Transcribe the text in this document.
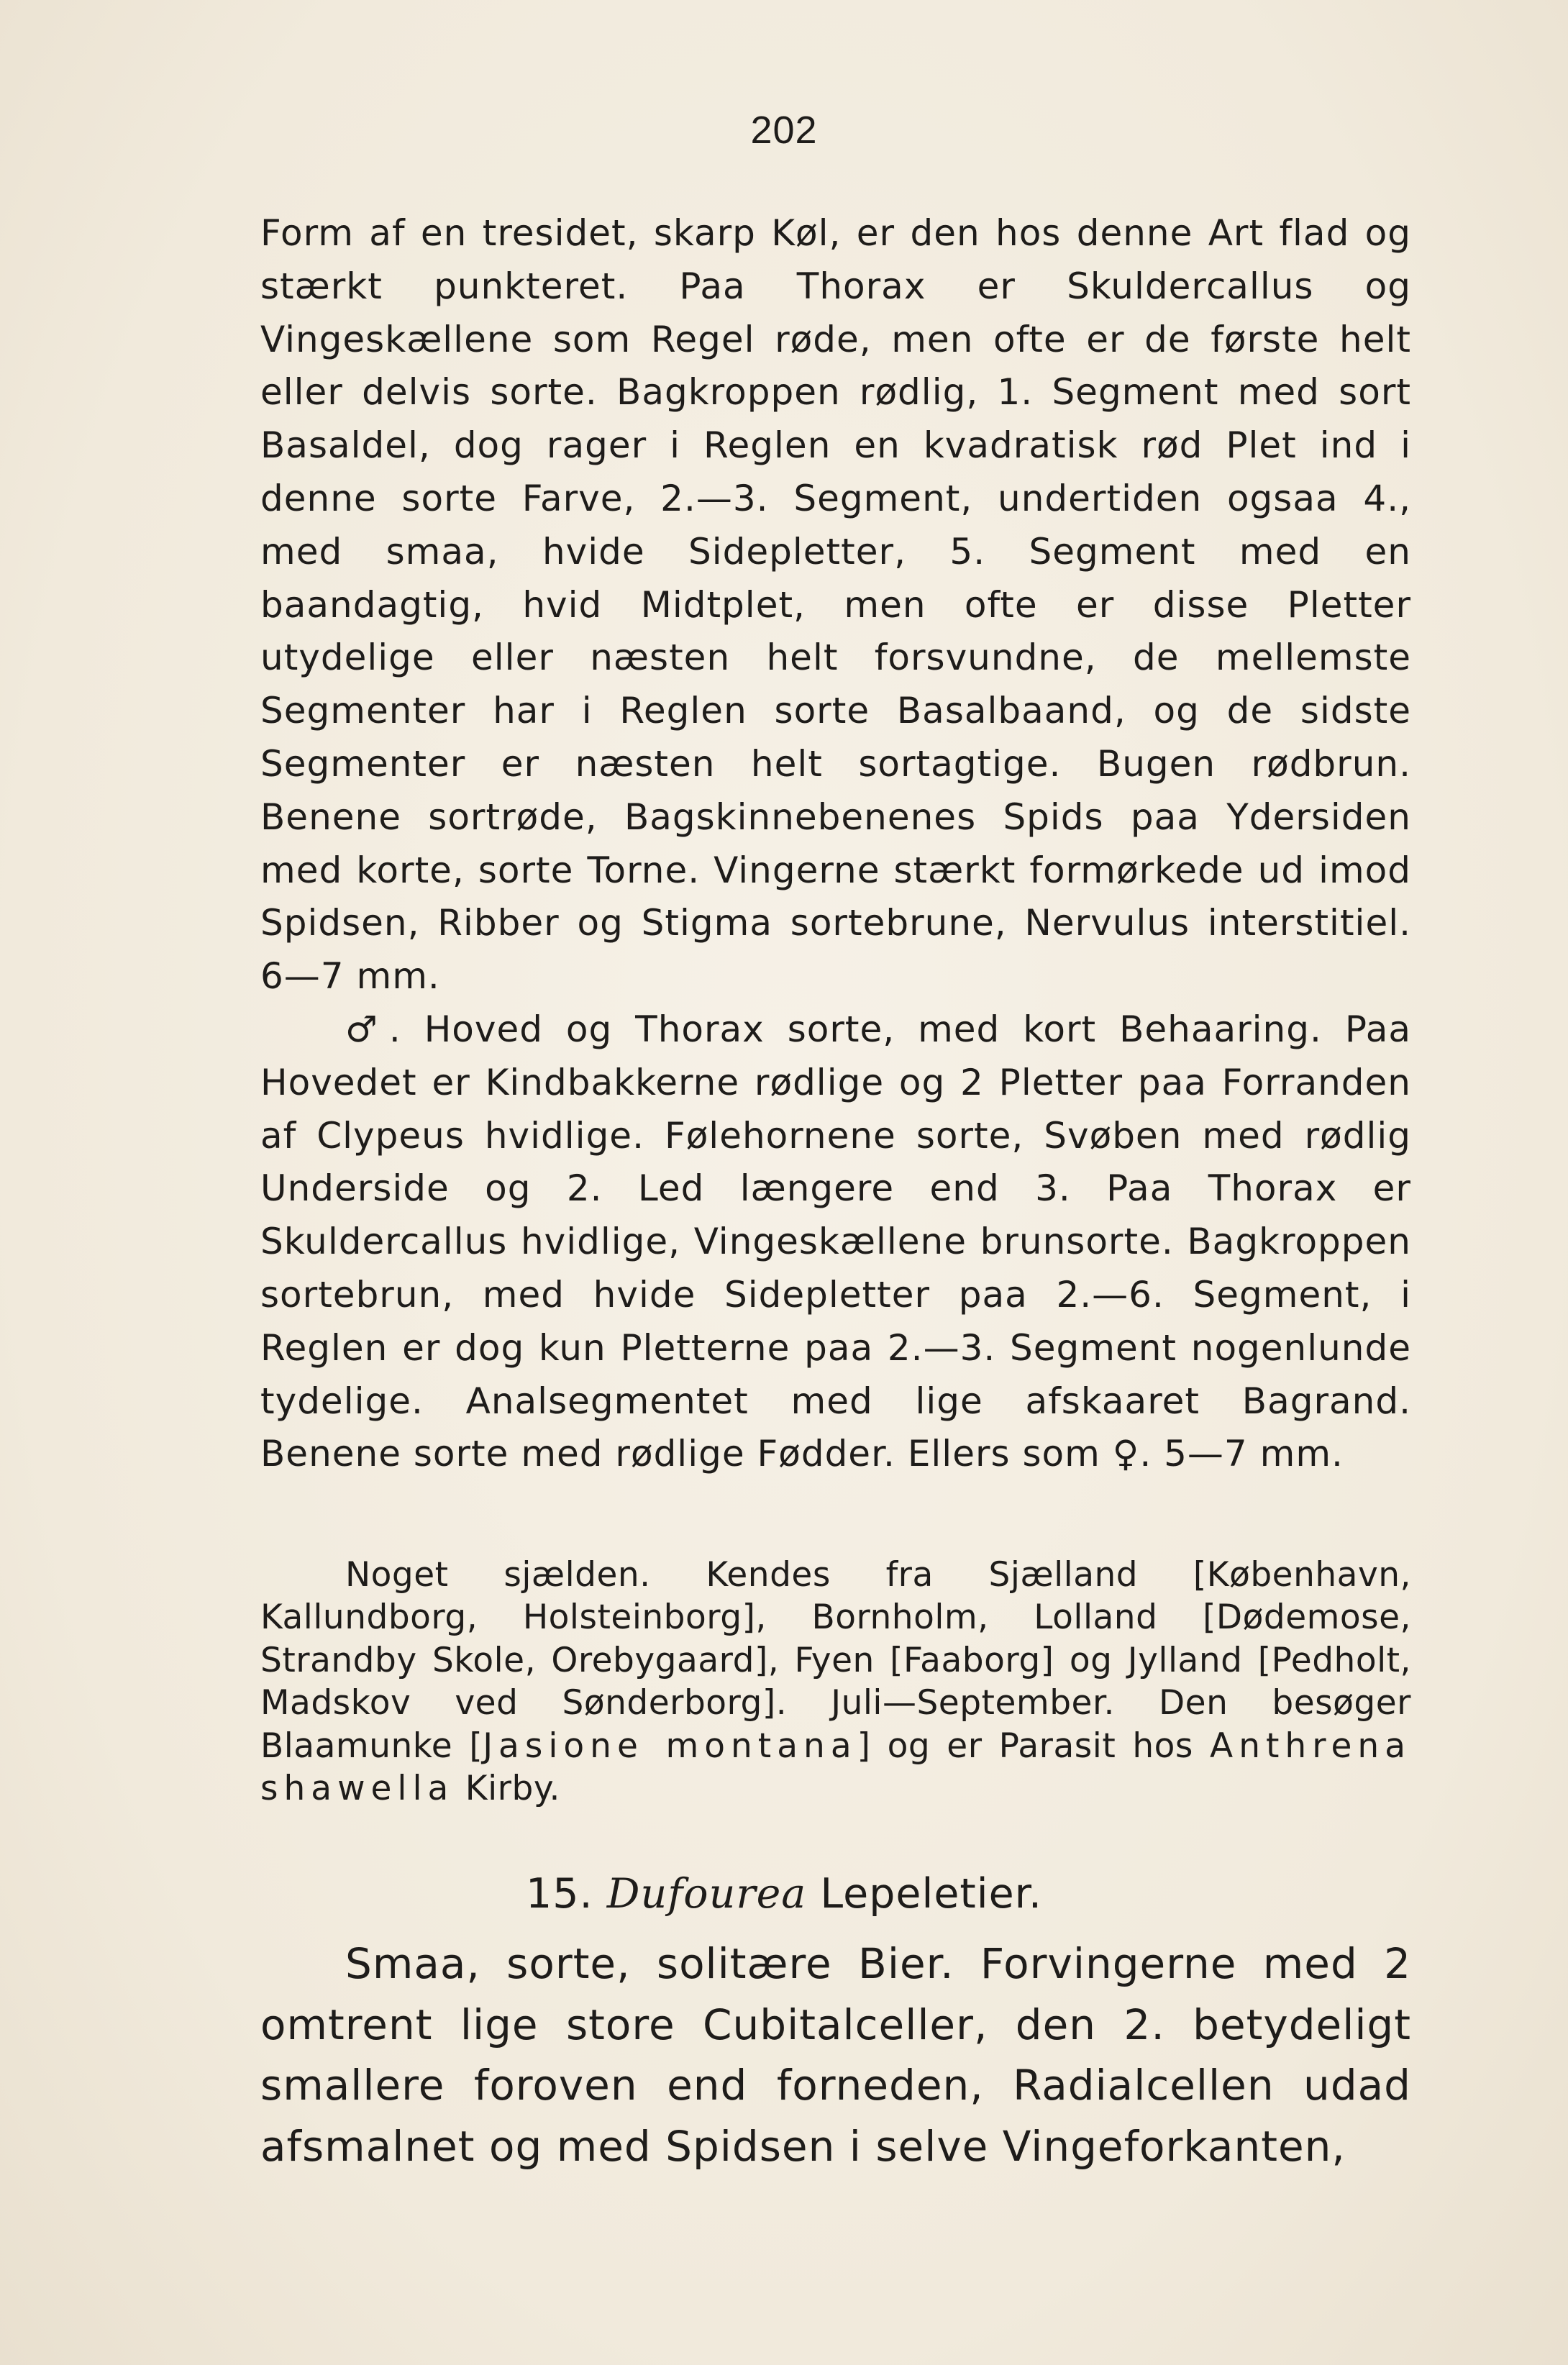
202

Form af en tresidet, skarp Køl, er den hos denne Art flad og stærkt punkteret. Paa Thorax er Skuldercallus og Vingeskællene som Regel røde, men ofte er de første helt eller delvis sorte. Bagkroppen rødlig, 1. Segment med sort Basaldel, dog rager i Reglen en kvadratisk rød Plet ind i denne sorte Farve, 2.—3. Segment, undertiden ogsaa 4., med smaa, hvide Sidepletter, 5. Segment med en baandagtig, hvid Midtplet, men ofte er disse Pletter utydelige eller næsten helt forsvundne, de mellemste Segmenter har i Reglen sorte Basalbaand, og de sidste Segmenter er næsten helt sortagtige. Bugen rødbrun. Benene sortrøde, Bagskinnebenenes Spids paa Ydersiden med korte, sorte Torne. Vingerne stærkt formørkede ud imod Spidsen, Ribber og Stigma sortebrune, Nervulus interstitiel. 6—7 mm.

♂. Hoved og Thorax sorte, med kort Behaaring. Paa Hovedet er Kindbakkerne rødlige og 2 Pletter paa Forranden af Clypeus hvidlige. Følehornene sorte, Svøben med rødlig Underside og 2. Led længere end 3. Paa Thorax er Skuldercallus hvidlige, Vingeskællene brunsorte. Bagkroppen sortebrun, med hvide Sidepletter paa 2.—6. Segment, i Reglen er dog kun Pletterne paa 2.—3. Segment nogenlunde tydelige. Analsegmentet med lige afskaaret Bagrand. Benene sorte med rødlige Fødder. Ellers som ♀. 5—7 mm.

Noget sjælden. Kendes fra Sjælland [København, Kallundborg, Holsteinborg], Bornholm, Lolland [Dødemose, Strandby Skole, Orebygaard], Fyen [Faaborg] og Jylland [Pedholt, Madskov ved Sønderborg]. Juli—September. Den besøger Blaamunke [Jasione montana] og er Parasit hos Anthrena shawella Kirby.

15. Dufourea Lepeletier.

Smaa, sorte, solitære Bier. Forvingerne med 2 omtrent lige store Cubitalceller, den 2. betydeligt smallere foroven end forneden, Radialcellen udad afsmalnet og med Spidsen i selve Vingeforkanten,
